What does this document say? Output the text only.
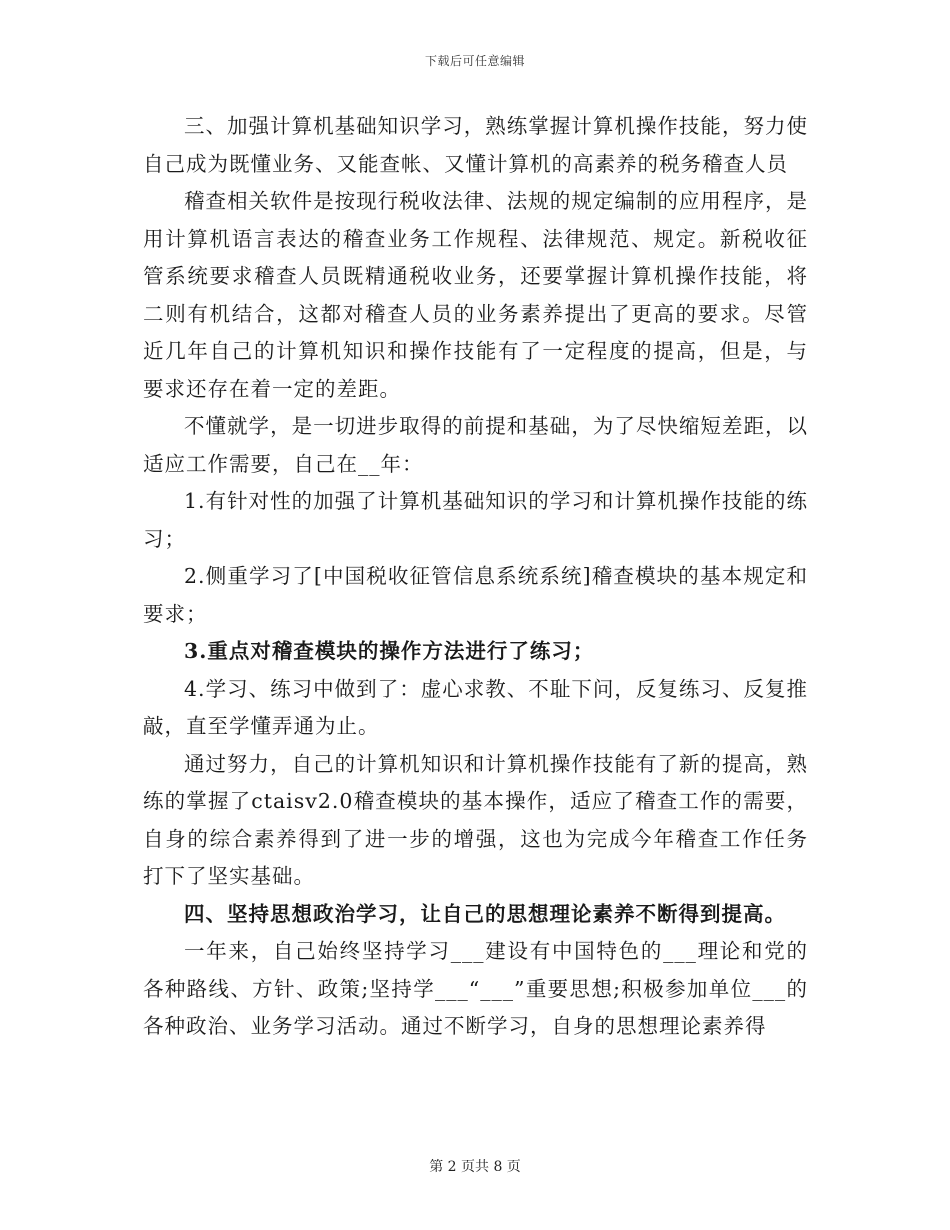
下载后可任意编辑

三、加强计算机基础知识学习，熟练掌握计算机操作技能，努力使自己成为既懂业务、又能查帐、又懂计算机的高素养的税务稽查人员

稽查相关软件是按现行税收法律、法规的规定编制的应用程序，是用计算机语言表达的稽查业务工作规程、法律规范、规定。新税收征管系统要求稽查人员既精通税收业务，还要掌握计算机操作技能，将二则有机结合，这都对稽查人员的业务素养提出了更高的要求。尽管近几年自己的计算机知识和操作技能有了一定程度的提高，但是，与要求还存在着一定的差距。

不懂就学，是一切进步取得的前提和基础，为了尽快缩短差距，以适应工作需要，自己在__年：

1.有针对性的加强了计算机基础知识的学习和计算机操作技能的练习；

2.侧重学习了[中国税收征管信息系统系统]稽查模块的基本规定和要求；

3.重点对稽查模块的操作方法进行了练习；

4.学习、练习中做到了：虚心求教、不耻下问，反复练习、反复推敲，直至学懂弄通为止。

通过努力，自己的计算机知识和计算机操作技能有了新的提高，熟练的掌握了ctaisv2.0稽查模块的基本操作，适应了稽查工作的需要，自身的综合素养得到了进一步的增强，这也为完成今年稽查工作任务打下了坚实基础。

四、坚持思想政治学习，让自己的思想理论素养不断得到提高。

一年来，自己始终坚持学习___建设有中国特色的___理论和党的各种路线、方针、政策;坚持学___“___”重要思想;积极参加单位___的各种政治、业务学习活动。通过不断学习，自身的思想理论素养得

第 2 页共 8 页
